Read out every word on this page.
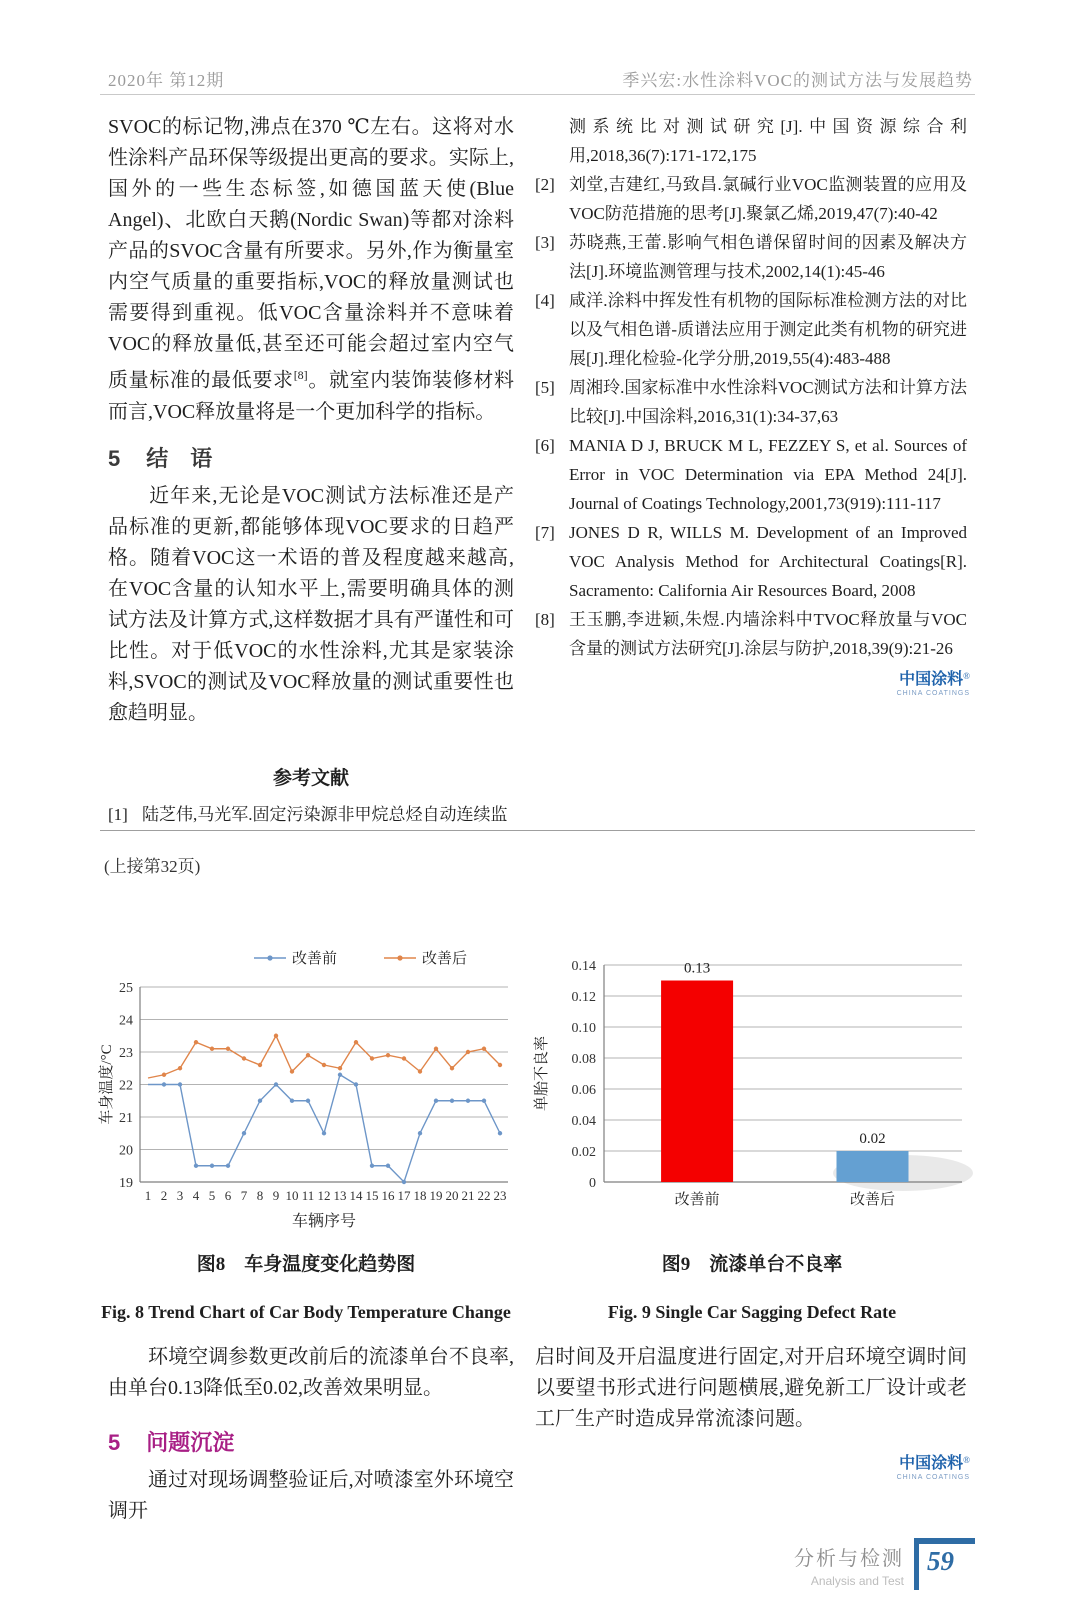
2020年 第12期	季兴宏:水性涂料VOC的测试方法与发展趋势

SVOC的标记物,沸点在370 ℃左右。这将对水性涂料产品环保等级提出更高的要求。实际上,国外的一些生态标签,如德国蓝天使(Blue Angel)、北欧白天鹅(Nordic Swan)等都对涂料产品的SVOC含量有所要求。另外,作为衡量室内空气质量的重要指标,VOC的释放量测试也需要得到重视。低VOC含量涂料并不意味着VOC的释放量低,甚至还可能会超过室内空气质量标准的最低要求[8]。就室内装饰装修材料而言,VOC释放量将是一个更加科学的指标。

5 结　语

近年来,无论是VOC测试方法标准还是产品标准的更新,都能够体现VOC要求的日趋严格。随着VOC这一术语的普及程度越来越高,在VOC含量的认知水平上,需要明确具体的测试方法及计算方式,这样数据才具有严谨性和可比性。对于低VOC的水性涂料,尤其是家装涂料,SVOC的测试及VOC释放量的测试重要性也愈趋明显。

参考文献
[1] 陆芝伟,马光军.固定污染源非甲烷总烃自动连续监
测系统比对测试研究[J].中国资源综合利用,2018,36(7):171-172,175
[2] 刘堂,吉建红,马致昌.氯碱行业VOC监测装置的应用及VOC防范措施的思考[J].聚氯乙烯,2019,47(7):40-42
[3] 苏晓燕,王蕾.影响气相色谱保留时间的因素及解决方法[J].环境监测管理与技术,2002,14(1):45-46
[4] 咸洋.涂料中挥发性有机物的国际标准检测方法的对比以及气相色谱-质谱法应用于测定此类有机物的研究进展[J].理化检验-化学分册,2019,55(4):483-488
[5] 周湘玲.国家标准中水性涂料VOC测试方法和计算方法比较[J].中国涂料,2016,31(1):34-37,63
[6] MANIA D J, BRUCK M L, FEZZEY S, et al. Sources of Error in VOC Determination via EPA Method 24[J]. Journal of Coatings Technology,2001,73(919):111-117
[7] JONES D R, WILLS M. Development of an Improved VOC Analysis Method for Architectural Coatings[R]. Sacramento: California Air Resources Board, 2008
[8] 王玉鹏,李进颖,朱煜.内墙涂料中TVOC释放量与VOC含量的测试方法研究[J].涂层与防护,2018,39(9):21-26
中国涂料®
CHINA COATINGS
(上接第32页)
25
24
23
22
21
20
19
1 2 3 4 5 6 7 8 9 10 11 12 13 14 15 16 17 18 19 20 21 22 23
车辆序号
车身温度/°C
改善前	改善后
图8　车身温度变化趋势图
Fig. 8 Trend Chart of Car Body Temperature Change
0
0.02
0.04
0.06
0.08
0.10
0.12
0.14	0.13
改善前
0.02
改善后
单胎不良率
图9　流漆单台不良率
Fig. 9 Single Car Sagging Defect Rate

环境空调参数更改前后的流漆单台不良率,由单台0.13降低至0.02,改善效果明显。

5 问题沉淀

通过对现场调整验证后,对喷漆室外环境空调开

启时间及开启温度进行固定,对开启环境空调时间以要望书形式进行问题横展,避免新工厂设计或老工厂生产时造成异常流漆问题。

中国涂料®
CHINA COATINGS
分析与检测
Analysis and Test
59
